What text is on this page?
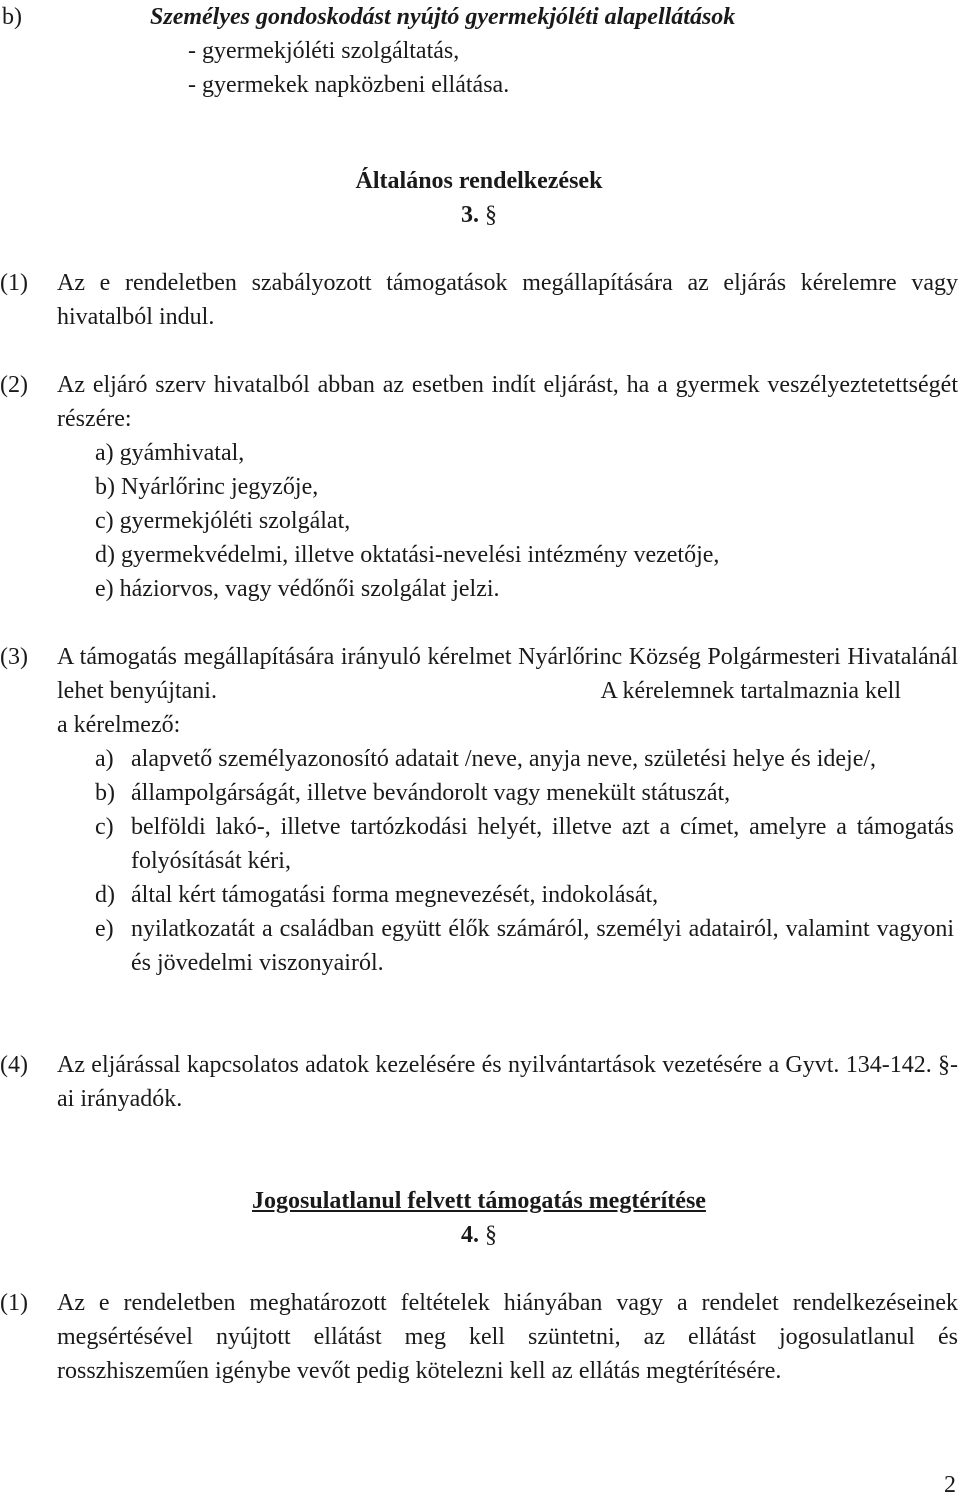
b)	Személyes gondoskodást nyújtó gyermekjóléti alapellátások
- gyermekjóléti szolgáltatás,
- gyermekek napközbeni ellátása.
Általános rendelkezések
3. §
(1)	Az e rendeletben szabályozott támogatások megállapítására az eljárás kérelemre vagy hivatalból indul.
(2)	Az eljáró szerv hivatalból abban az esetben indít eljárást, ha a gyermek veszélyeztetettségét részére:
a) gyámhivatal,
b) Nyárlőrinc jegyzője,
c) gyermekjóléti szolgálat,
d) gyermekvédelmi, illetve oktatási-nevelési intézmény vezetője,
e) háziorvos, vagy védőnői szolgálat jelzi.
(3)	A támogatás megállapítására irányuló kérelmet Nyárlőrinc Község Polgármesteri Hivatalánál lehet benyújtani.	A kérelemnek tartalmaznia kell
a kérelmező:
a) alapvető személyazonosító adatait /neve, anyja neve, születési helye és ideje/,
b) állampolgárságát, illetve bevándorolt vagy menekült státuszát,
c) belföldi lakó-, illetve tartózkodási helyét, illetve azt a címet, amelyre a támogatás folyósítását kéri,
d) által kért támogatási forma megnevezését, indokolását,
e) nyilatkozatát a családban együtt élők számáról, személyi adatairól, valamint vagyoni és jövedelmi viszonyairól.
(4)	Az eljárással kapcsolatos adatok kezelésére és nyilvántartások vezetésére a Gyvt. 134-142. §-ai irányadók.
Jogosulatlanul felvett támogatás megtérítése
4. §
(1)	Az e rendeletben meghatározott feltételek hiányában vagy a rendelet rendelkezéseinek megsértésével nyújtott ellátást meg kell szüntetni, az ellátást jogosulatlanul és rosszhiszeműen igénybe vevőt pedig kötelezni kell az ellátás megtérítésére.
2
